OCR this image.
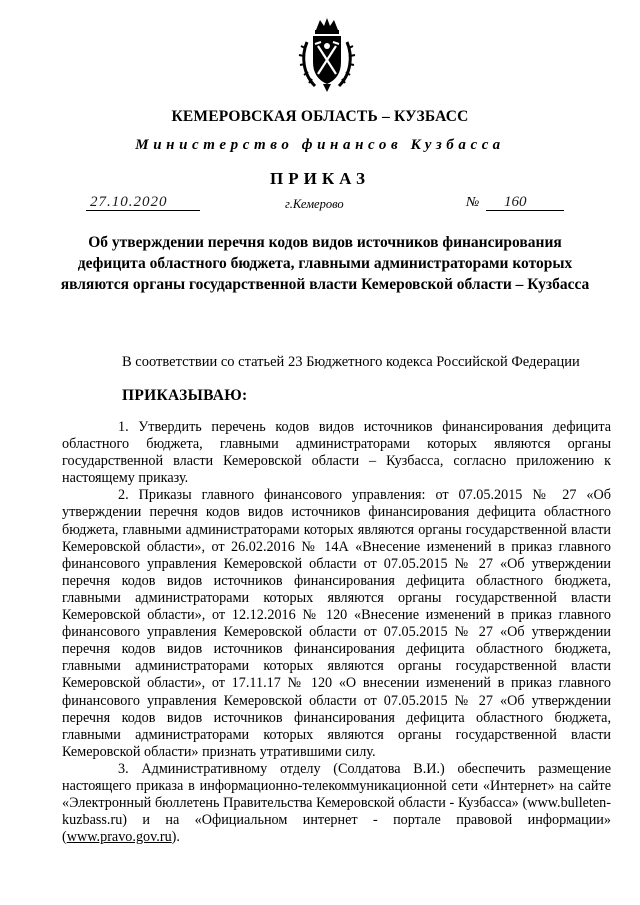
КЕМЕРОВСКАЯ ОБЛАСТЬ – КУЗБАСС
Министерство финансов Кузбасса
ПРИКАЗ
27.10.2020	г.Кемерово	№	160
Об утверждении перечня кодов видов источников финансирования дефицита областного бюджета, главными администраторами которых являются органы государственной власти Кемеровской области – Кузбасса
В соответствии со статьей 23 Бюджетного кодекса Российской Федерации
ПРИКАЗЫВАЮ:

1. Утвердить перечень кодов видов источников финансирования дефицита областного бюджета, главными администраторами которых являются органы государственной власти Кемеровской области – Кузбасса, согласно приложению к настоящему приказу.

2. Приказы главного финансового управления: от 07.05.2015 № 27 «Об утверждении перечня кодов видов источников финансирования дефицита областного бюджета, главными администраторами которых являются органы государственной власти Кемеровской области», от 26.02.2016 № 14А «Внесение изменений в приказ главного финансового управления Кемеровской области от 07.05.2015 № 27 «Об утверждении перечня кодов видов источников финансирования дефицита областного бюджета, главными администраторами которых являются органы государственной власти Кемеровской области», от 12.12.2016 № 120 «Внесение изменений в приказ главного финансового управления Кемеровской области от 07.05.2015 № 27 «Об утверждении перечня кодов видов источников финансирования дефицита областного бюджета, главными администраторами которых являются органы государственной власти Кемеровской области», от 17.11.17 № 120 «О внесении изменений в приказ главного финансового управления Кемеровской области от 07.05.2015 № 27 «Об утверждении перечня кодов видов источников финансирования дефицита областного бюджета, главными администраторами которых являются органы государственной власти Кемеровской области» признать утратившими силу.

3. Административному отделу (Солдатова В.И.) обеспечить размещение настоящего приказа в информационно-телекоммуникационной сети «Интернет» на сайте «Электронный бюллетень Правительства Кемеровской области - Кузбасса» (www.bulleten-kuzbass.ru) и на «Официальном интернет - портале правовой информации» (www.pravo.gov.ru).
